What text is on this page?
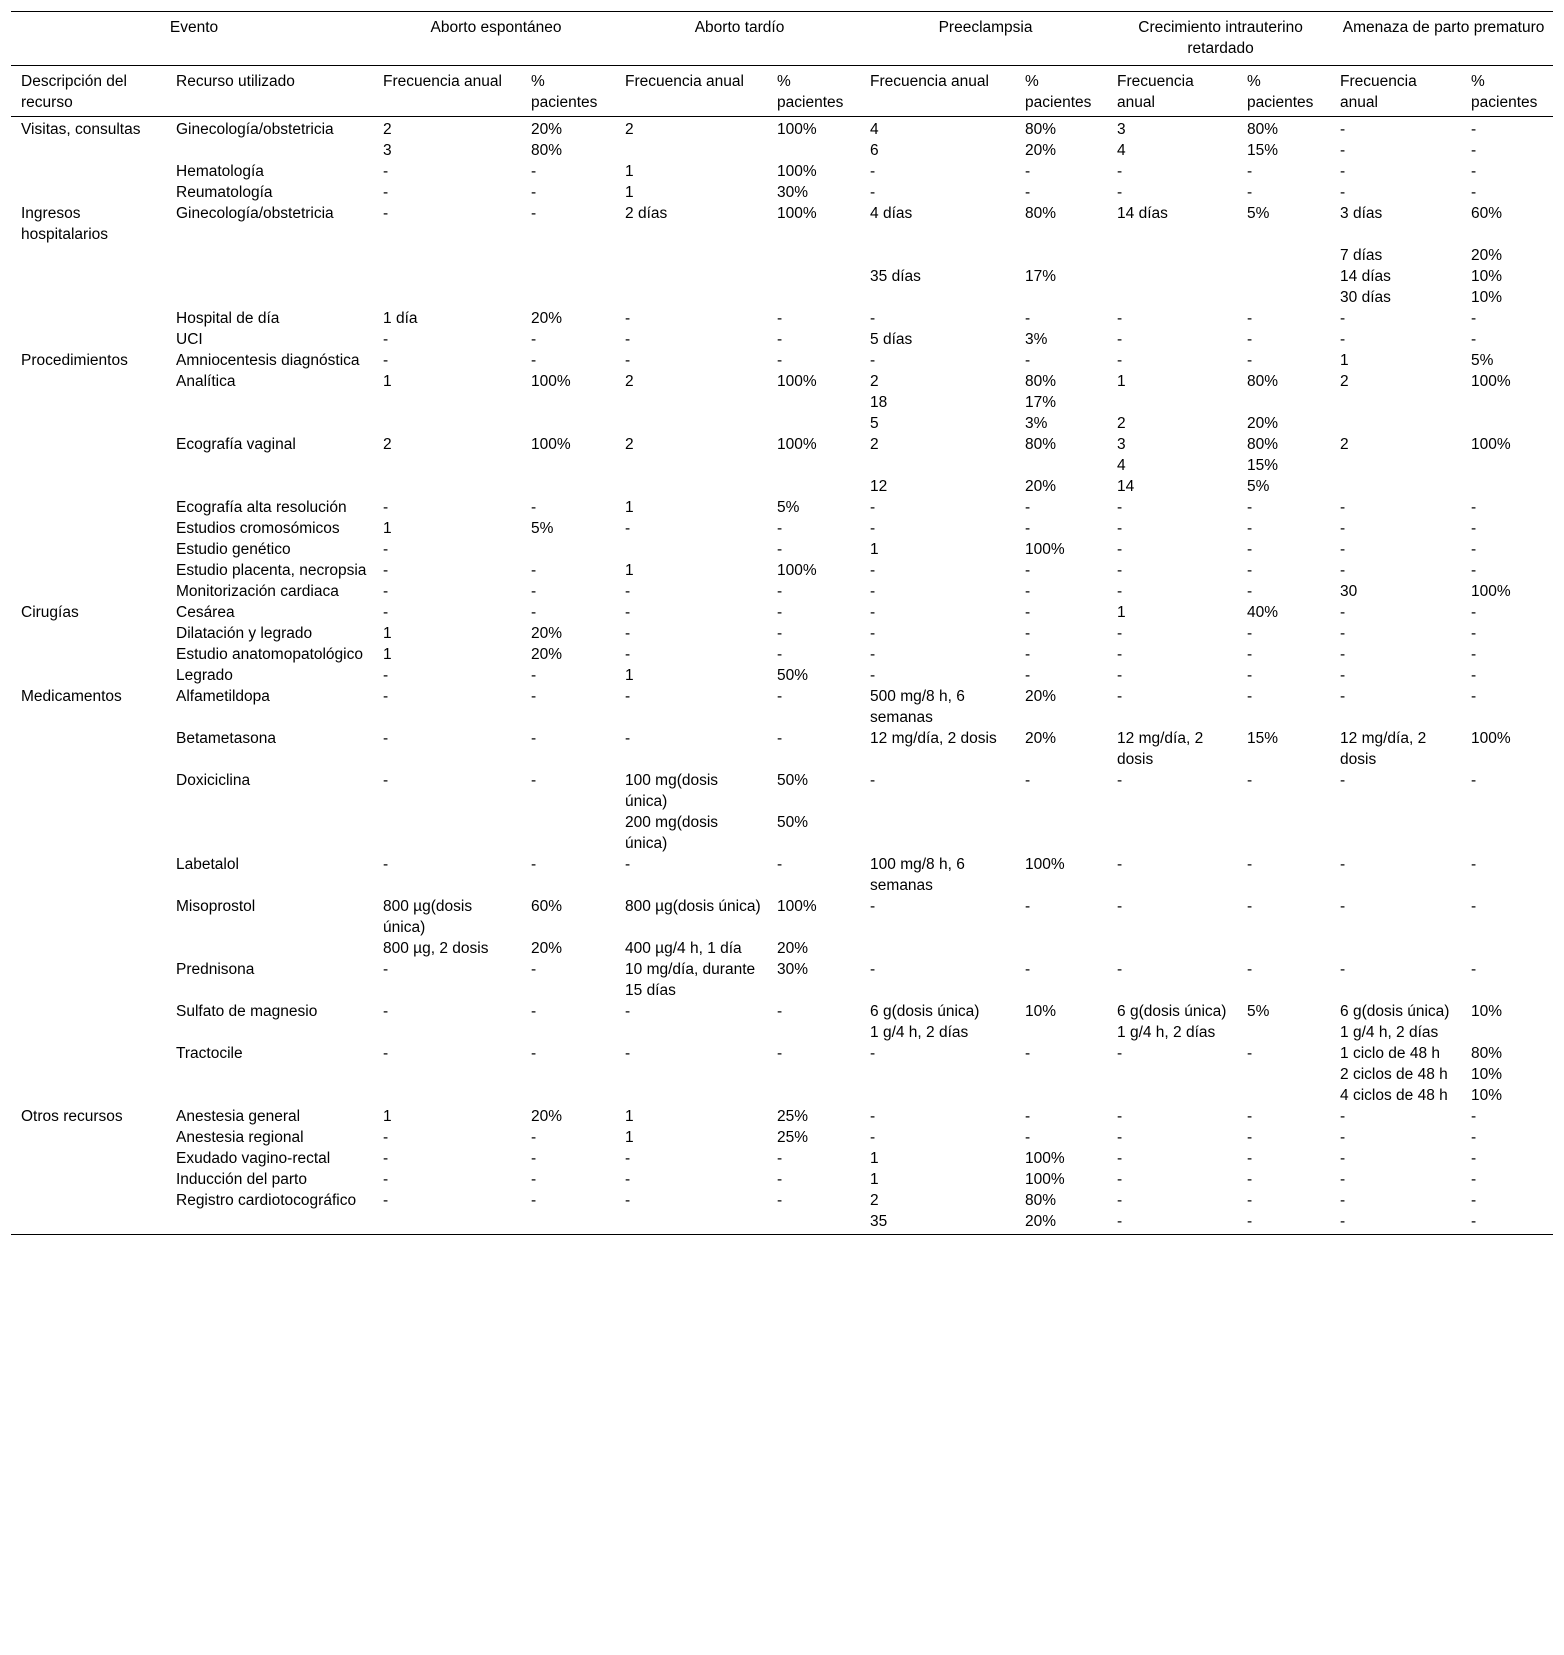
Evento		Aborto espontáneo		Aborto tardío		Preeclampsia		Crecimiento intrauterino retardado		Amenaza de parto prematuro	
Descripción del recurso	Recurso utilizado	Frecuencia anual	% pacientes	Frecuencia anual	% pacientes	Frecuencia anual	% pacientes	Frecuencia anual	% pacientes	Frecuencia anual	% pacientes
Visitas, consultas	Ginecología/obstetricia	2	20%	2	100%	4	80%	3	80%	-	-
		3	80%			6	20%	4	15%	-	-
	Hematología	-	-	1	100%	-	-	-	-	-	-
	Reumatología	-	-	1	30%	-	-	-	-	-	-
Ingresos hospitalarios	Ginecología/obstetricia	-	-	2 días	100%	4 días	80%	14 días	5%	3 días	60%
										7 días	20%
						35 días	17%			14 días	10%
										30 días	10%
	Hospital de día	1 día	20%	-	-	-	-	-	-	-	-
	UCI	-	-	-	-	5 días	3%	-	-	-	-
Procedimientos	Amniocentesis diagnóstica	-	-	-	-	-	-	-	-	1	5%
	Analítica	1	100%	2	100%	2	80%	1	80%	2	100%
						18	17%				
						5	3%	2	20%		
	Ecografía vaginal	2	100%	2	100%	2	80%	3	80%	2	100%
								4	15%		
						12	20%	14	5%		
	Ecografía alta resolución	-	-	1	5%	-	-	-	-	-	-
	Estudios cromosómicos	1	5%	-	-	-	-	-	-	-	-
	Estudio genético	-			-	1	100%	-	-	-	-
	Estudio placenta, necropsia	-	-	1	100%	-	-	-	-	-	-
	Monitorización cardiaca	-	-	-	-	-	-	-	-	30	100%
Cirugías	Cesárea	-	-	-	-	-	-	1	40%	-	-
	Dilatación y legrado	1	20%	-	-	-	-	-	-	-	-
	Estudio anatomopatológico	1	20%	-	-	-	-	-	-	-	-
	Legrado	-	-	1	50%	-	-	-	-	-	-
Medicamentos	Alfametildopa	-	-	-	-	500 mg/8 h, 6 semanas	20%	-	-	-	-
	Betametasona	-	-	-	-	12 mg/día, 2 dosis	20%	12 mg/día, 2 dosis	15%	12 mg/día, 2 dosis	100%
	Doxiciclina	-	-	100 mg(dosis única)	50%	-	-	-	-	-	-
				200 mg(dosis única)	50%						
	Labetalol	-	-	-	-	100 mg/8 h, 6 semanas	100%	-	-	-	-
	Misoprostol	800 µg(dosis única)	60%	800 µg(dosis única)	100%	-	-	-	-	-	-
		800 µg, 2 dosis	20%	400 µg/4 h, 1 día	20%						
	Prednisona	-	-	10 mg/día, durante 15 días	30%	-	-	-	-	-	-
	Sulfato de magnesio	-	-	-	-	6 g(dosis única)	10%	6 g(dosis única)	5%	6 g(dosis única)	10%
						1 g/4 h, 2 días		1 g/4 h, 2 días		1 g/4 h, 2 días	
	Tractocile	-	-	-	-	-	-	-	-	1 ciclo de 48 h	80%
										2 ciclos de 48 h	10%
										4 ciclos de 48 h	10%
Otros recursos	Anestesia general	1	20%	1	25%	-	-	-	-	-	-
	Anestesia regional	-	-	1	25%	-	-	-	-	-	-
	Exudado vagino-rectal	-	-	-	-	1	100%	-	-	-	-
	Inducción del parto	-	-	-	-	1	100%	-	-	-	-
	Registro cardiotocográfico	-	-	-	-	2	80%	-	-	-	-
						35	20%	-	-	-	-
